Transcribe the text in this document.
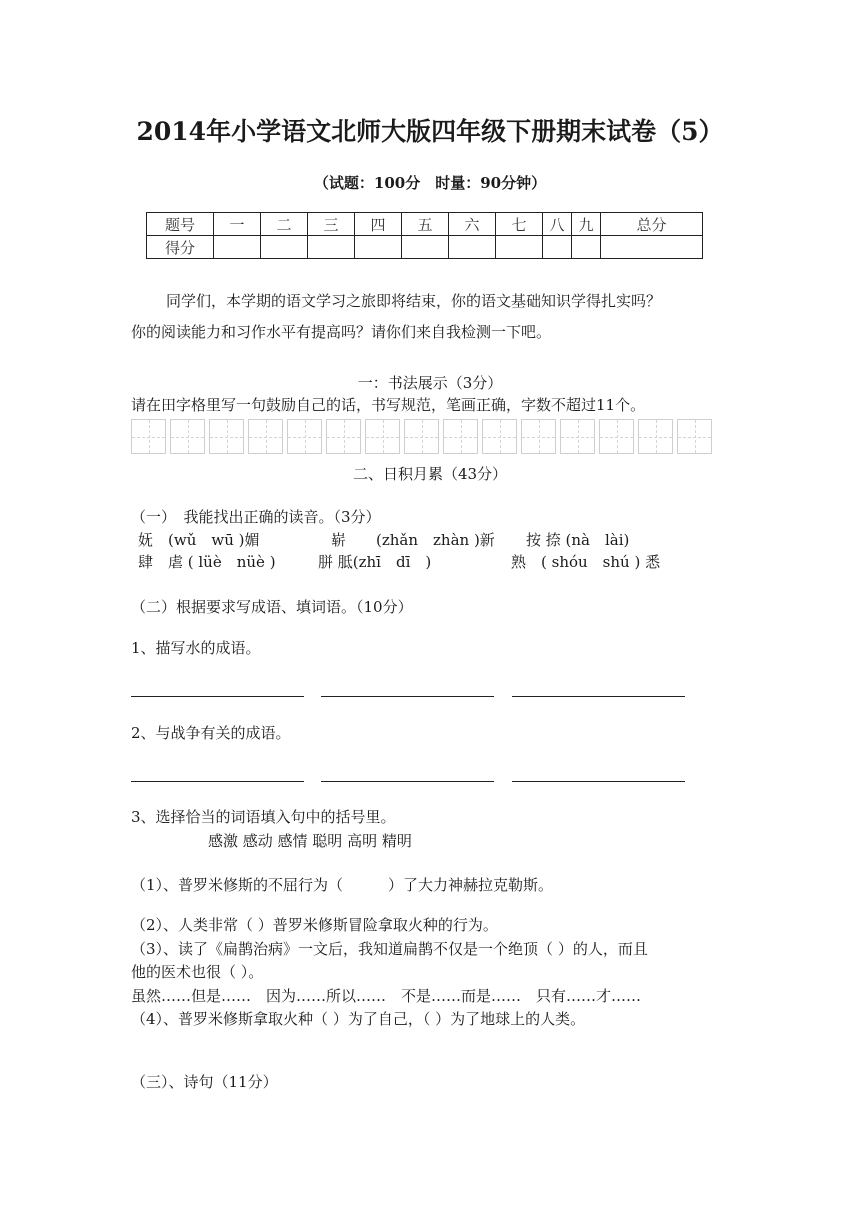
2014年小学语文北师大版四年级下册期末试卷（5）
（试题：100分　时量：90分钟）
题号	一	二	三	四	五	六	七	八	九	总分
得分										
同学们，本学期的语文学习之旅即将结束，你的语文基础知识学得扎实吗？
你的阅读能力和习作水平有提高吗？请你们来自我检测一下吧。
一：书法展示（3分）
请在田字格里写一句鼓励自己的话，书写规范，笔画正确，字数不超过11个。
二、日积月累（43分）
（一）　我能找出正确的读音。（3分）
妩　(wǔ　wū )媚	崭　　(zhǎn　zhàn )新 按 捺 (nà　lài)
肆　虐 ( lüè　nüè )	胼 胝(zhī　dī　)	熟　( shóu　shú ) 悉
（二）根据要求写成语、填词语。（10分）
1、描写水的成语。
2、与战争有关的成语。
3、选择恰当的词语填入句中的括号里。
感激 感动 感情 聪明 高明 精明
（1）、普罗米修斯的不屈行为（　　　）了大力神赫拉克勒斯。
（2）、人类非常（ ）普罗米修斯冒险拿取火种的行为。
（3）、读了《扁鹊治病》一文后，我知道扁鹊不仅是一个绝顶（ ）的人，而且
他的医术也很（ ）。
虽然……但是……　因为……所以……　不是……而是……　只有……才……
（4）、普罗米修斯拿取火种（ ）为了自己，（ ）为了地球上的人类。
（三）、诗句（11分）
